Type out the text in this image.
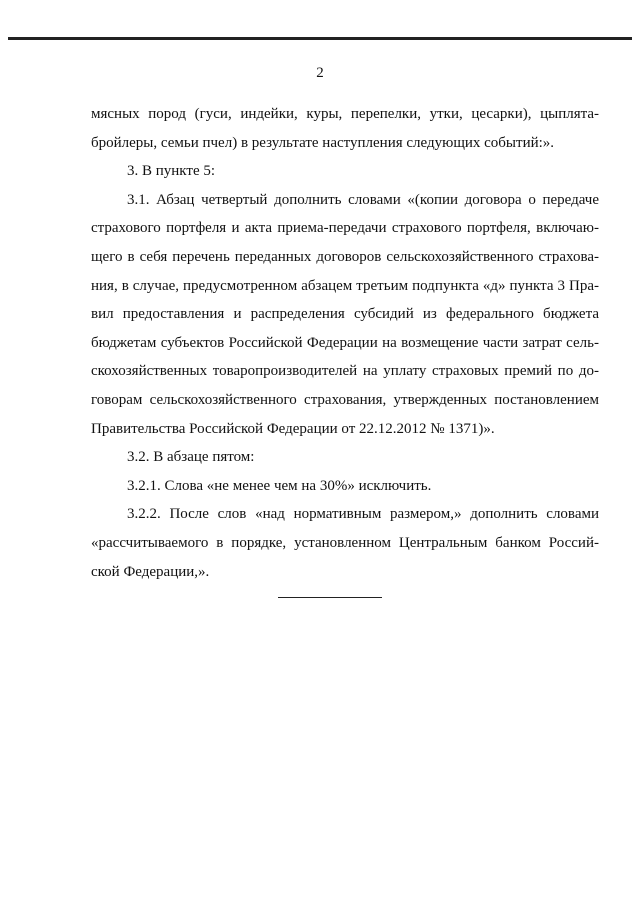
2
мясных пород (гуси, индейки, куры, перепелки, утки, цесарки), цыплята-
бройлеры, семьи пчел) в результате наступления следующих событий:».
3. В пункте 5:
3.1. Абзац четвертый дополнить словами «(копии договора о передаче
страхового портфеля и акта приема-передачи страхового портфеля, включаю-
щего в себя перечень переданных договоров сельскохозяйственного страхова-
ния, в случае, предусмотренном абзацем третьим подпункта «д» пункта 3 Пра-
вил предоставления и распределения субсидий из федерального бюджета
бюджетам субъектов Российской Федерации на возмещение части затрат сель-
скохозяйственных товаропроизводителей на уплату страховых премий по до-
говорам сельскохозяйственного страхования, утвержденных постановлением
Правительства Российской Федерации от 22.12.2012 № 1371)».
3.2. В абзаце пятом:
3.2.1. Слова «не менее чем на 30%» исключить.
3.2.2. После слов «над нормативным размером,» дополнить словами
«рассчитываемого в порядке, установленном Центральным банком Россий-
ской Федерации,».
